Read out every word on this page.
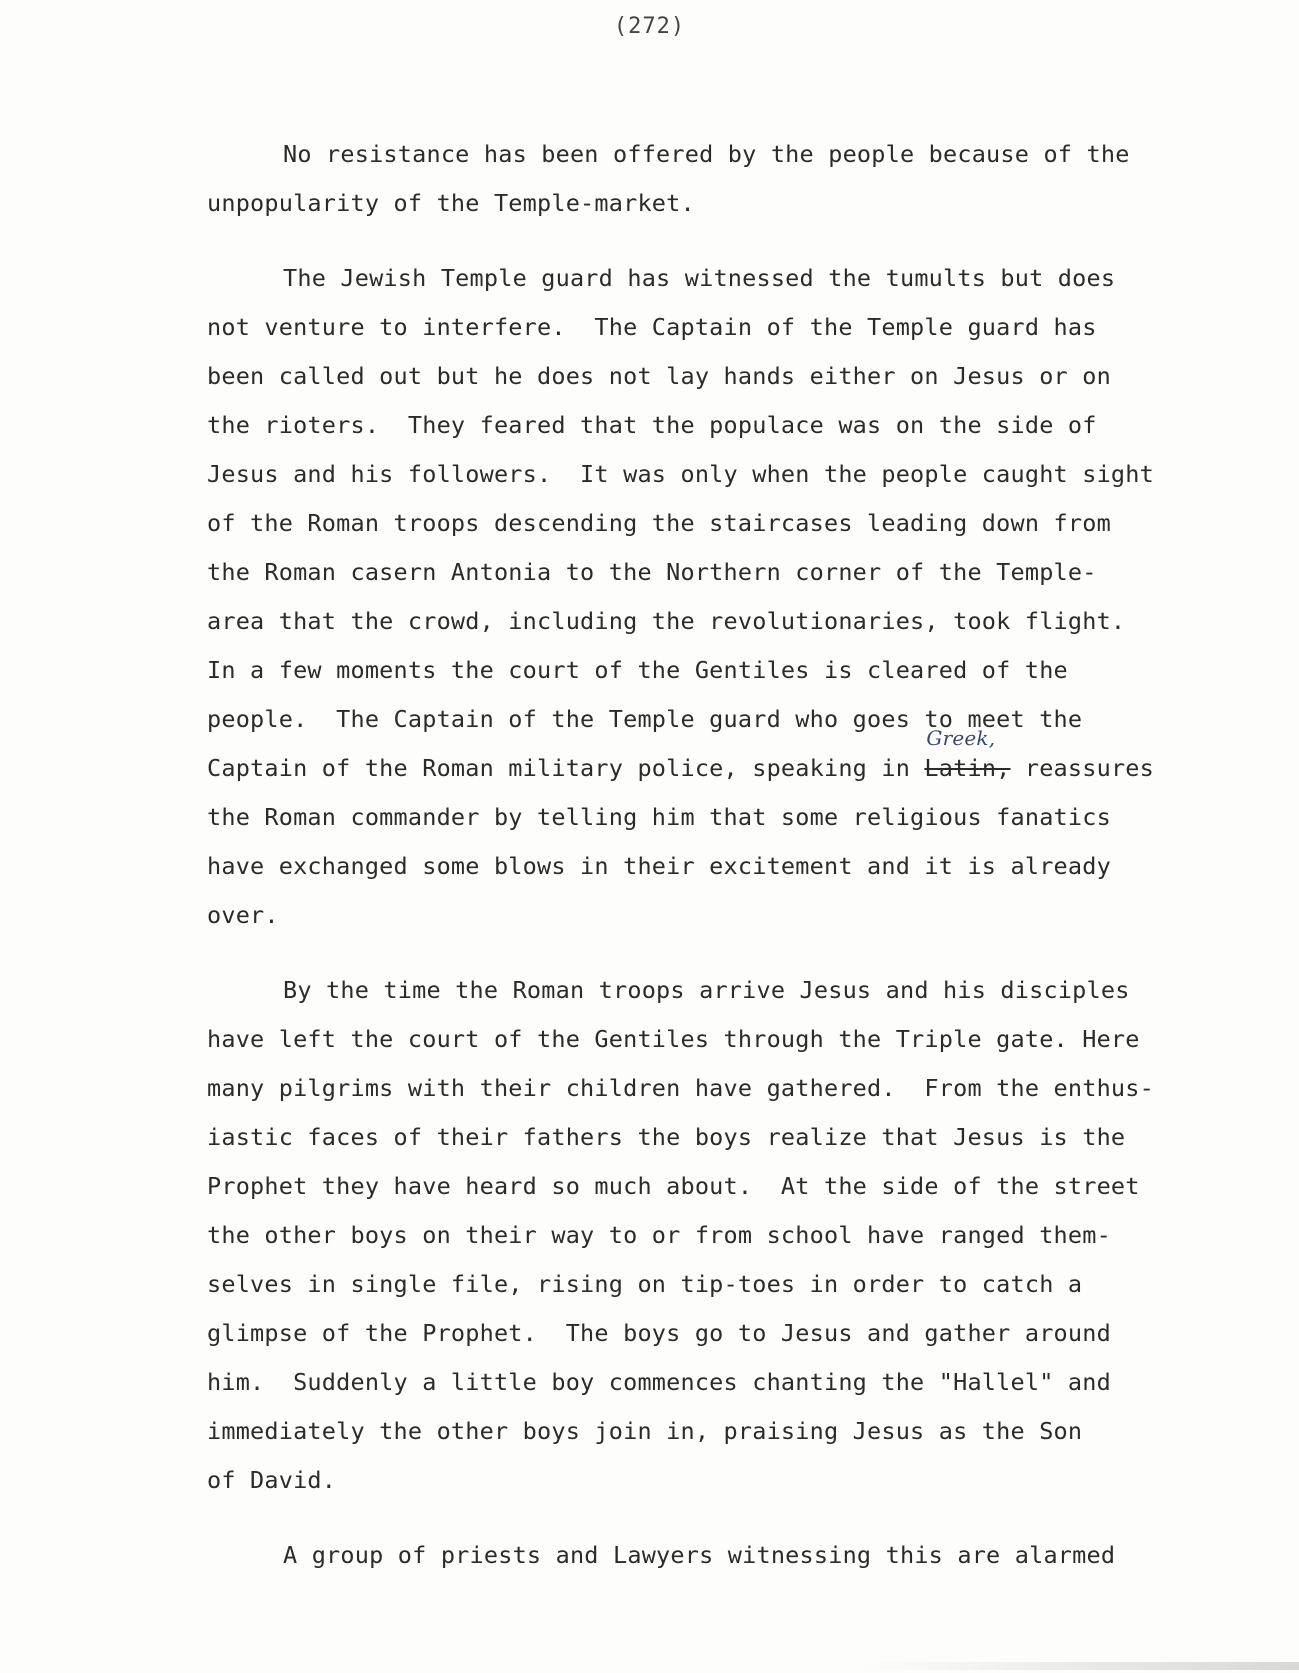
(272)
No resistance has been offered by the people because of the
unpopularity of the Temple-market.
The Jewish Temple guard has witnessed the tumults but does
not venture to interfere.  The Captain of the Temple guard has
been called out but he does not lay hands either on Jesus or on
the rioters.  They feared that the populace was on the side of
Jesus and his followers.  It was only when the people caught sight
of the Roman troops descending the staircases leading down from
the Roman casern Antonia to the Northern corner of the Temple-
area that the crowd, including the revolutionaries, took flight.
In a few moments the court of the Gentiles is cleared of the
people.  The Captain of the Temple guard who goes to meet the
Captain of the Roman military police, speaking in Latin,
Greek,
reassures
the Roman commander by telling him that some religious fanatics
have exchanged some blows in their excitement and it is already
over.
By the time the Roman troops arrive Jesus and his disciples
have left the court of the Gentiles through the Triple gate. Here
many pilgrims with their children have gathered.  From the enthus-
iastic faces of their fathers the boys realize that Jesus is the
Prophet they have heard so much about.  At the side of the street
the other boys on their way to or from school have ranged them-
selves in single file, rising on tip-toes in order to catch a
glimpse of the Prophet.  The boys go to Jesus and gather around
him.  Suddenly a little boy commences chanting the "Hallel" and
immediately the other boys join in, praising Jesus as the Son
of David.
A group of priests and Lawyers witnessing this are alarmed
